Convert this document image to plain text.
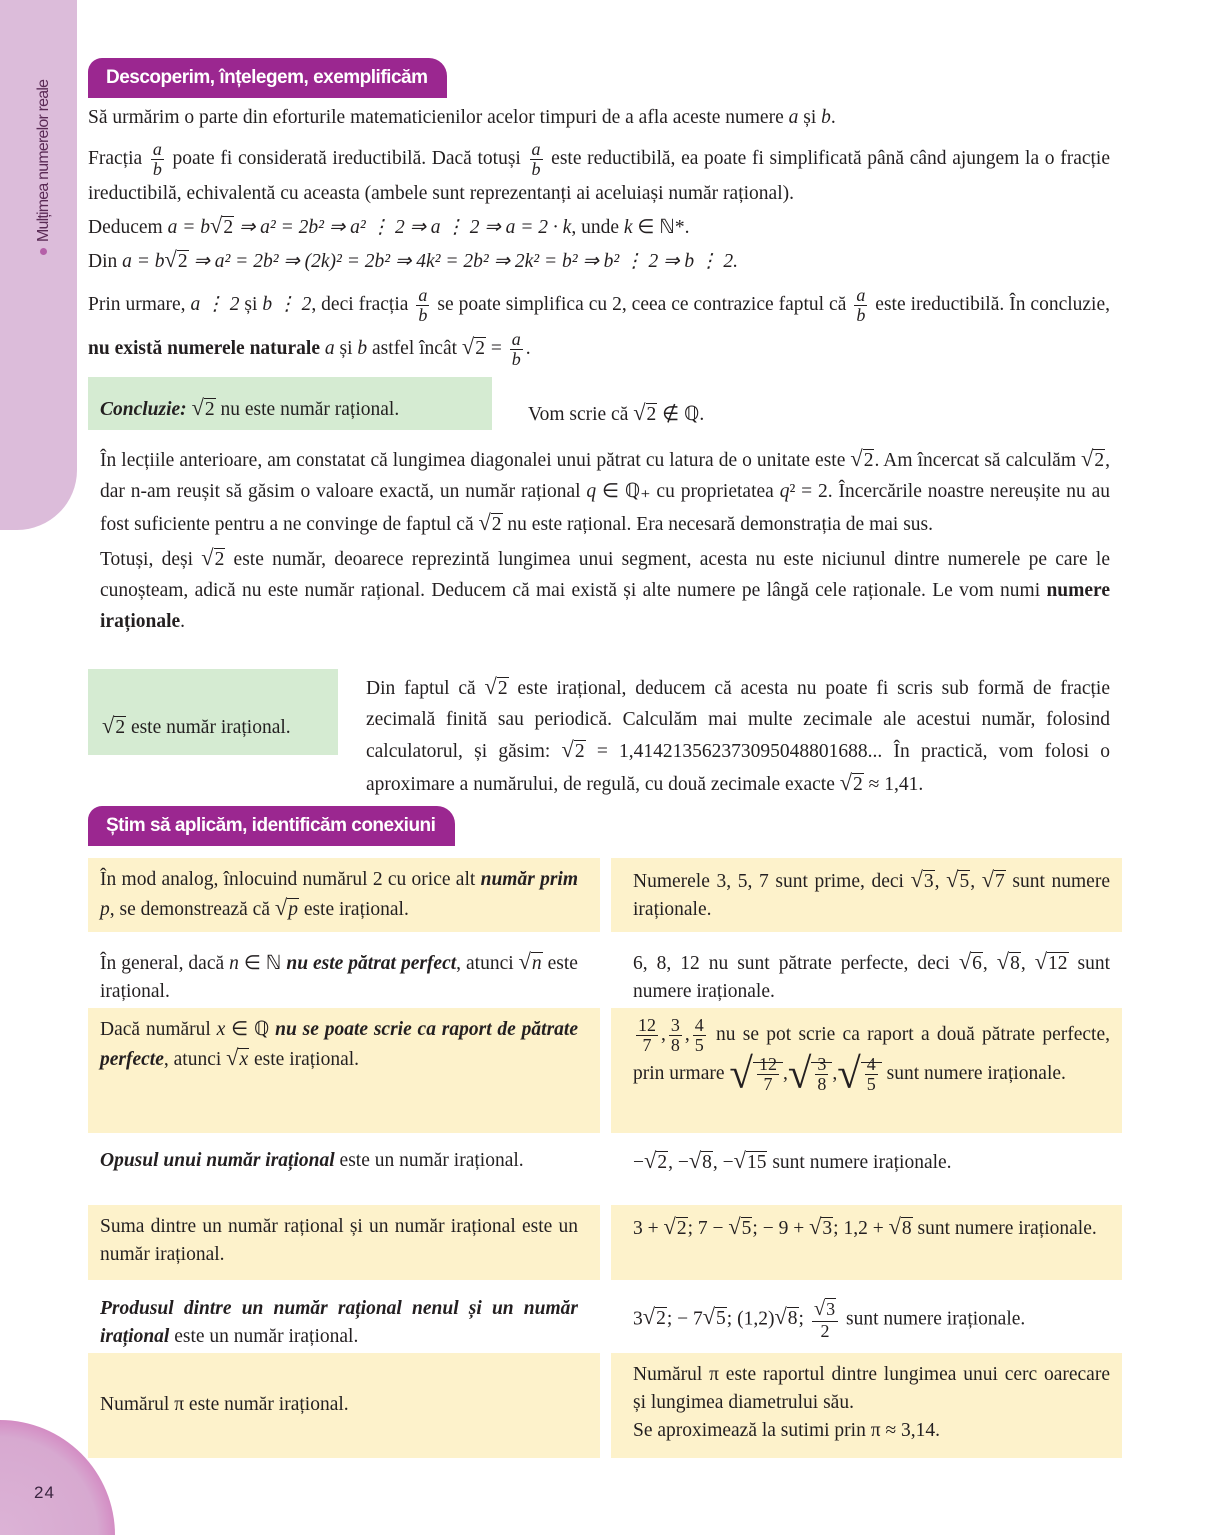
Mulțimea numerelor reale
24
Descoperim, înțelegem, exemplificăm

Să urmărim o parte din eforturile matematicienilor acelor timpuri de a afla aceste numere a și b.

Fracția $\frac{a}{b}$ poate fi considerată ireductibilă. Dacă totuși $\frac{a}{b}$ este reductibilă, ea poate fi simplificată până când ajungem la o fracție ireductibilă, echivalentă cu aceasta (ambele sunt reprezentanți ai aceluiași număr rațional).

Deducem a = b√2 ⇒ a² = 2b² ⇒ a² ⋮ 2 ⇒ a ⋮ 2 ⇒ a = 2 · k, unde k ∈ ℕ*.

Din a = b√2 ⇒ a² = 2b² ⇒ (2k)² = 2b² ⇒ 4k² = 2b² ⇒ 2k² = b² ⇒ b² ⋮ 2 ⇒ b ⋮ 2.

Prin urmare, a ⋮ 2 și b ⋮ 2, deci fracția $\frac{a}{b}$ se poate simplifica cu 2, ceea ce contrazice faptul că $\frac{a}{b}$ este ireductibilă. În concluzie, nu există numerele naturale a și b astfel încât $√2 = \frac{a}{b}$ .

Concluzie: √2 nu este număr rațional.	Vom scrie că √2 ∉ ℚ.

În lecțiile anterioare, am constatat că lungimea diagonalei unui pătrat cu latura de o unitate este √2. Am încercat să calculăm √2, dar n-am reușit să găsim o valoare exactă, un număr rațional q ∈ ℚ₊ cu proprietatea q² = 2. Încercările noastre nereușite nu au fost suficiente pentru a ne convinge de faptul că √2 nu este rațional. Era necesară demonstrația de mai sus.

Totuși, deși √2 este număr, deoarece reprezintă lungimea unui segment, acesta nu este niciunul dintre numerele pe care le cunoșteam, adică nu este număr rațional. Deducem că mai există și alte numere pe lângă cele raționale. Le vom numi numere iraționale.

√2 este număr irațional.

Din faptul că √2 este irațional, deducem că acesta nu poate fi scris sub formă de fracție zecimală finită sau periodică. Calculăm mai multe zecimale ale acestui număr, folosind calculatorul, și găsim: √2 = 1,414213562373095048801688... În practică, vom folosi o aproximare a numărului, de regulă, cu două zecimale exacte √2 ≈ 1,41.

Știm să aplicăm, identificăm conexiuni

În mod analog, înlocuind numărul 2 cu orice alt număr prim p, se demonstrează că √p este irațional.

Numerele 3, 5, 7 sunt prime, deci √3, √5, √7 sunt numere iraționale.

În general, dacă n ∈ ℕ nu este pătrat perfect, atunci √n este irațional.

6, 8, 12 nu sunt pătrate perfecte, deci √6, √8, √12 sunt numere iraționale.

Dacă numărul x ∈ ℚ nu se poate scrie ca raport de pătrate perfecte, atunci √x este irațional.

$\frac{12}{7}$ , $\frac{3}{8}$ , $\frac{4}{5}$ nu se pot scrie ca raport a două pătrate perfecte, prin urmare √ $\frac{12}{7}$ ,√ $\frac{3}{8}$ ,√ $\frac{4}{5}$ sunt numere iraționale.

Opusul unui număr irațional este un număr irațional.	−√2, −√8, −√15 sunt numere iraționale.

Suma dintre un număr rațional și un număr irațional este un număr irațional.

3 + √2; 7 − √5; − 9 + √3; 1,2 + √8 sunt numere iraționale.

Produsul dintre un număr rațional nenul și un număr irațional este un număr irațional.

3√2; − 7√5; (1,2)√8; $\frac{√3}{2}$ sunt numere iraționale.

Numărul π este număr irațional.

Numărul π este raportul dintre lungimea unui cerc oarecare și lungimea diametrului său.
Se aproximează la sutimi prin π ≈ 3,14.
